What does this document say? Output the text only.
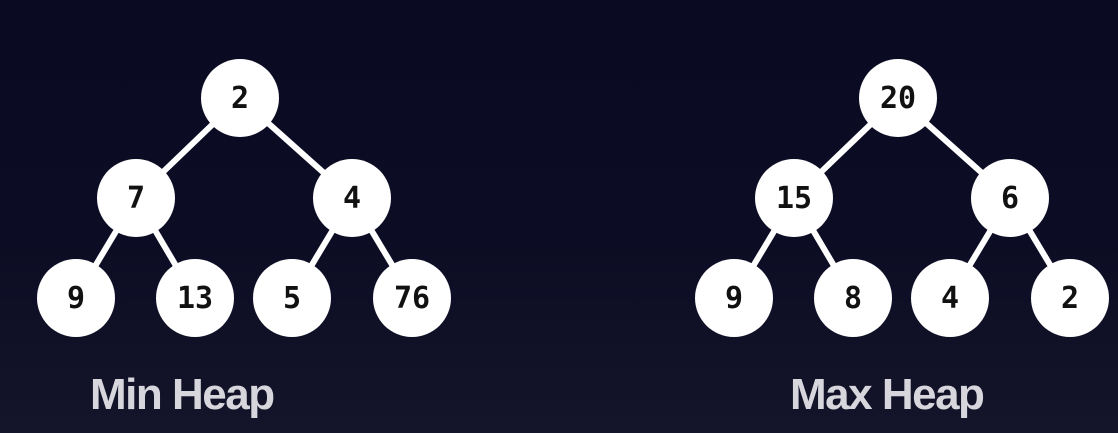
2
7	4
9	13	5	76
20
15	6
9	8	4	2
Min Heap	Max Heap
